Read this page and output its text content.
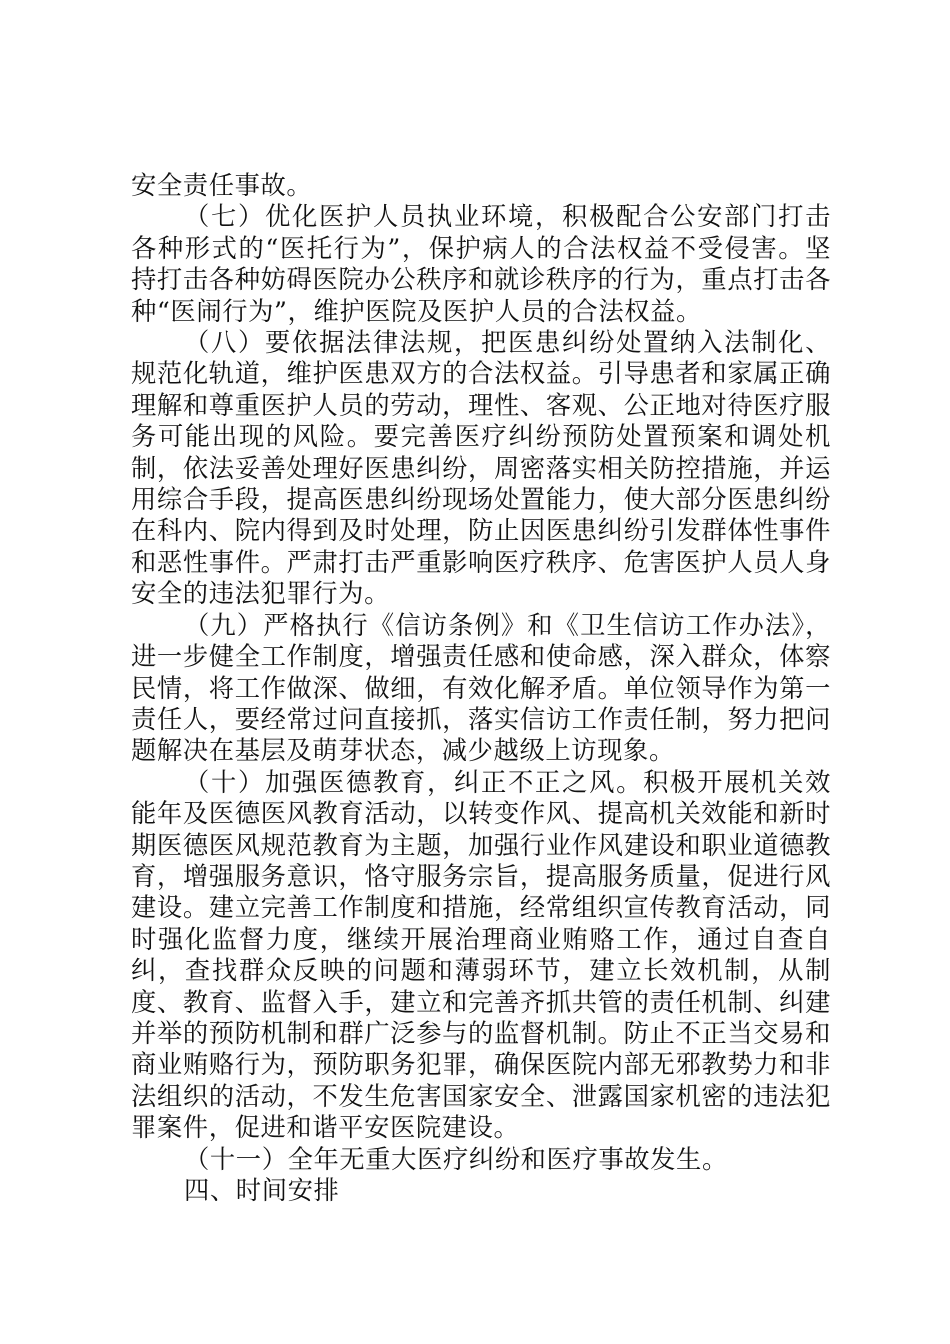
安全责任事故。

（七）优化医护人员执业环境，积极配合公安部门打击各种形式的“医托行为”，保护病人的合法权益不受侵害。坚持打击各种妨碍医院办公秩序和就诊秩序的行为，重点打击各种“医闹行为”，维护医院及医护人员的合法权益。

（八）要依据法律法规，把医患纠纷处置纳入法制化、规范化轨道，维护医患双方的合法权益。引导患者和家属正确理解和尊重医护人员的劳动，理性、客观、公正地对待医疗服务可能出现的风险。要完善医疗纠纷预防处置预案和调处机制，依法妥善处理好医患纠纷，周密落实相关防控措施，并运用综合手段，提高医患纠纷现场处置能力，使大部分医患纠纷在科内、院内得到及时处理，防止因医患纠纷引发群体性事件和恶性事件。严肃打击严重影响医疗秩序、危害医护人员人身安全的违法犯罪行为。

（九）严格执行《信访条例》和《卫生信访工作办法》，进一步健全工作制度，增强责任感和使命感，深入群众，体察民情，将工作做深、做细，有效化解矛盾。单位领导作为第一责任人，要经常过问直接抓，落实信访工作责任制，努力把问题解决在基层及萌芽状态，减少越级上访现象。

（十）加强医德教育，纠正不正之风。积极开展机关效能年及医德医风教育活动，以转变作风、提高机关效能和新时期医德医风规范教育为主题，加强行业作风建设和职业道德教育，增强服务意识，恪守服务宗旨，提高服务质量，促进行风建设。建立完善工作制度和措施，经常组织宣传教育活动，同时强化监督力度，继续开展治理商业贿赂工作，通过自查自纠，查找群众反映的问题和薄弱环节，建立长效机制，从制度、教育、监督入手，建立和完善齐抓共管的责任机制、纠建并举的预防机制和群广泛参与的监督机制。防止不正当交易和商业贿赂行为，预防职务犯罪，确保医院内部无邪教势力和非法组织的活动，不发生危害国家安全、泄露国家机密的违法犯罪案件，促进和谐平安医院建设。

（十一）全年无重大医疗纠纷和医疗事故发生。

四、时间安排
